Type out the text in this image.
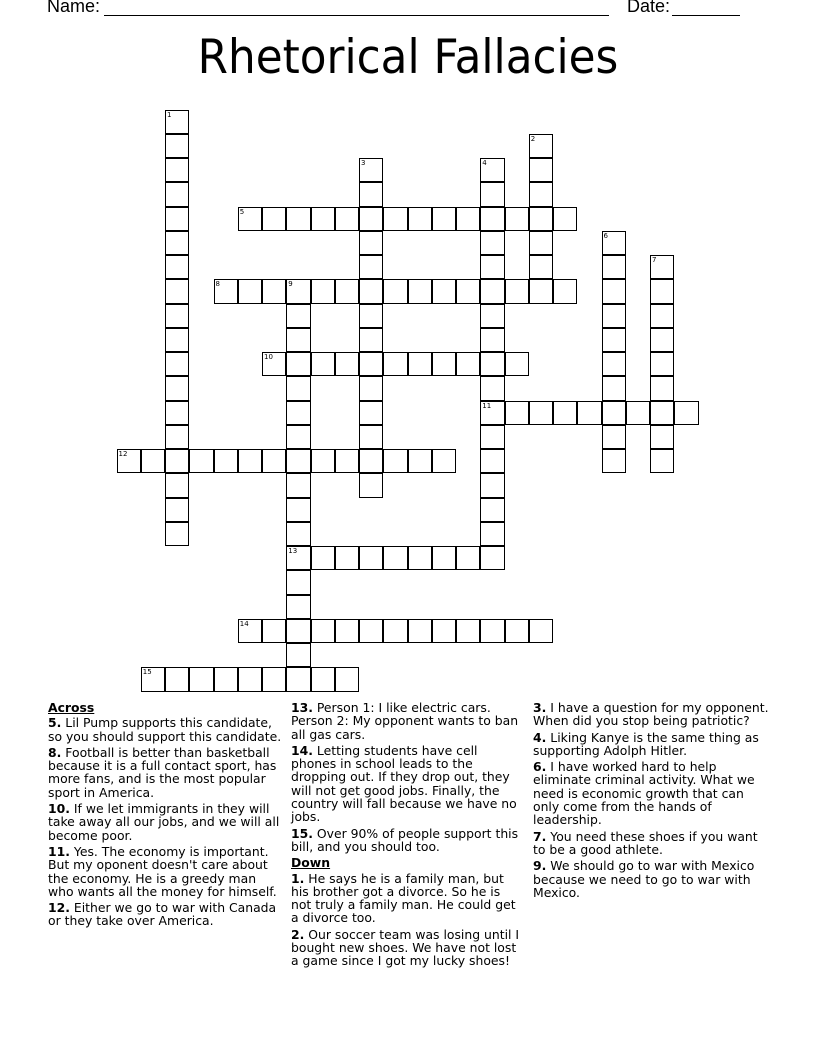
Name:	Date:
Rhetorical Fallacies
1
2
3	4
11
5
6
7
8	9
13
10
12
14
15
Across
5. Lil Pump supports this candidate, so you should support this candidate.
8. Football is better than basketball because it is a full contact sport, has more fans, and is the most popular sport in America.
10. If we let immigrants in they will take away all our jobs, and we will all become poor.
11. Yes. The economy is important. But my oponent doesn't care about the economy. He is a greedy man who wants all the money for himself.
12. Either we go to war with Canada or they take over America.
13. Person 1: I like electric cars. Person 2: My opponent wants to ban all gas cars.
14. Letting students have cell phones in school leads to the dropping out. If they drop out, they will not get good jobs. Finally, the country will fall because we have no jobs.
15. Over 90% of people support this bill, and you should too.
Down
1. He says he is a family man, but his brother got a divorce. So he is not truly a family man. He could get a divorce too.
2. Our soccer team was losing until I bought new shoes. We have not lost a game since I got my lucky shoes!
3. I have a question for my opponent. When did you stop being patriotic?
4. Liking Kanye is the same thing as supporting Adolph Hitler.
6. I have worked hard to help eliminate criminal activity. What we need is economic growth that can only come from the hands of leadership.
7. You need these shoes if you want to be a good athlete.
9. We should go to war with Mexico because we need to go to war with Mexico.
